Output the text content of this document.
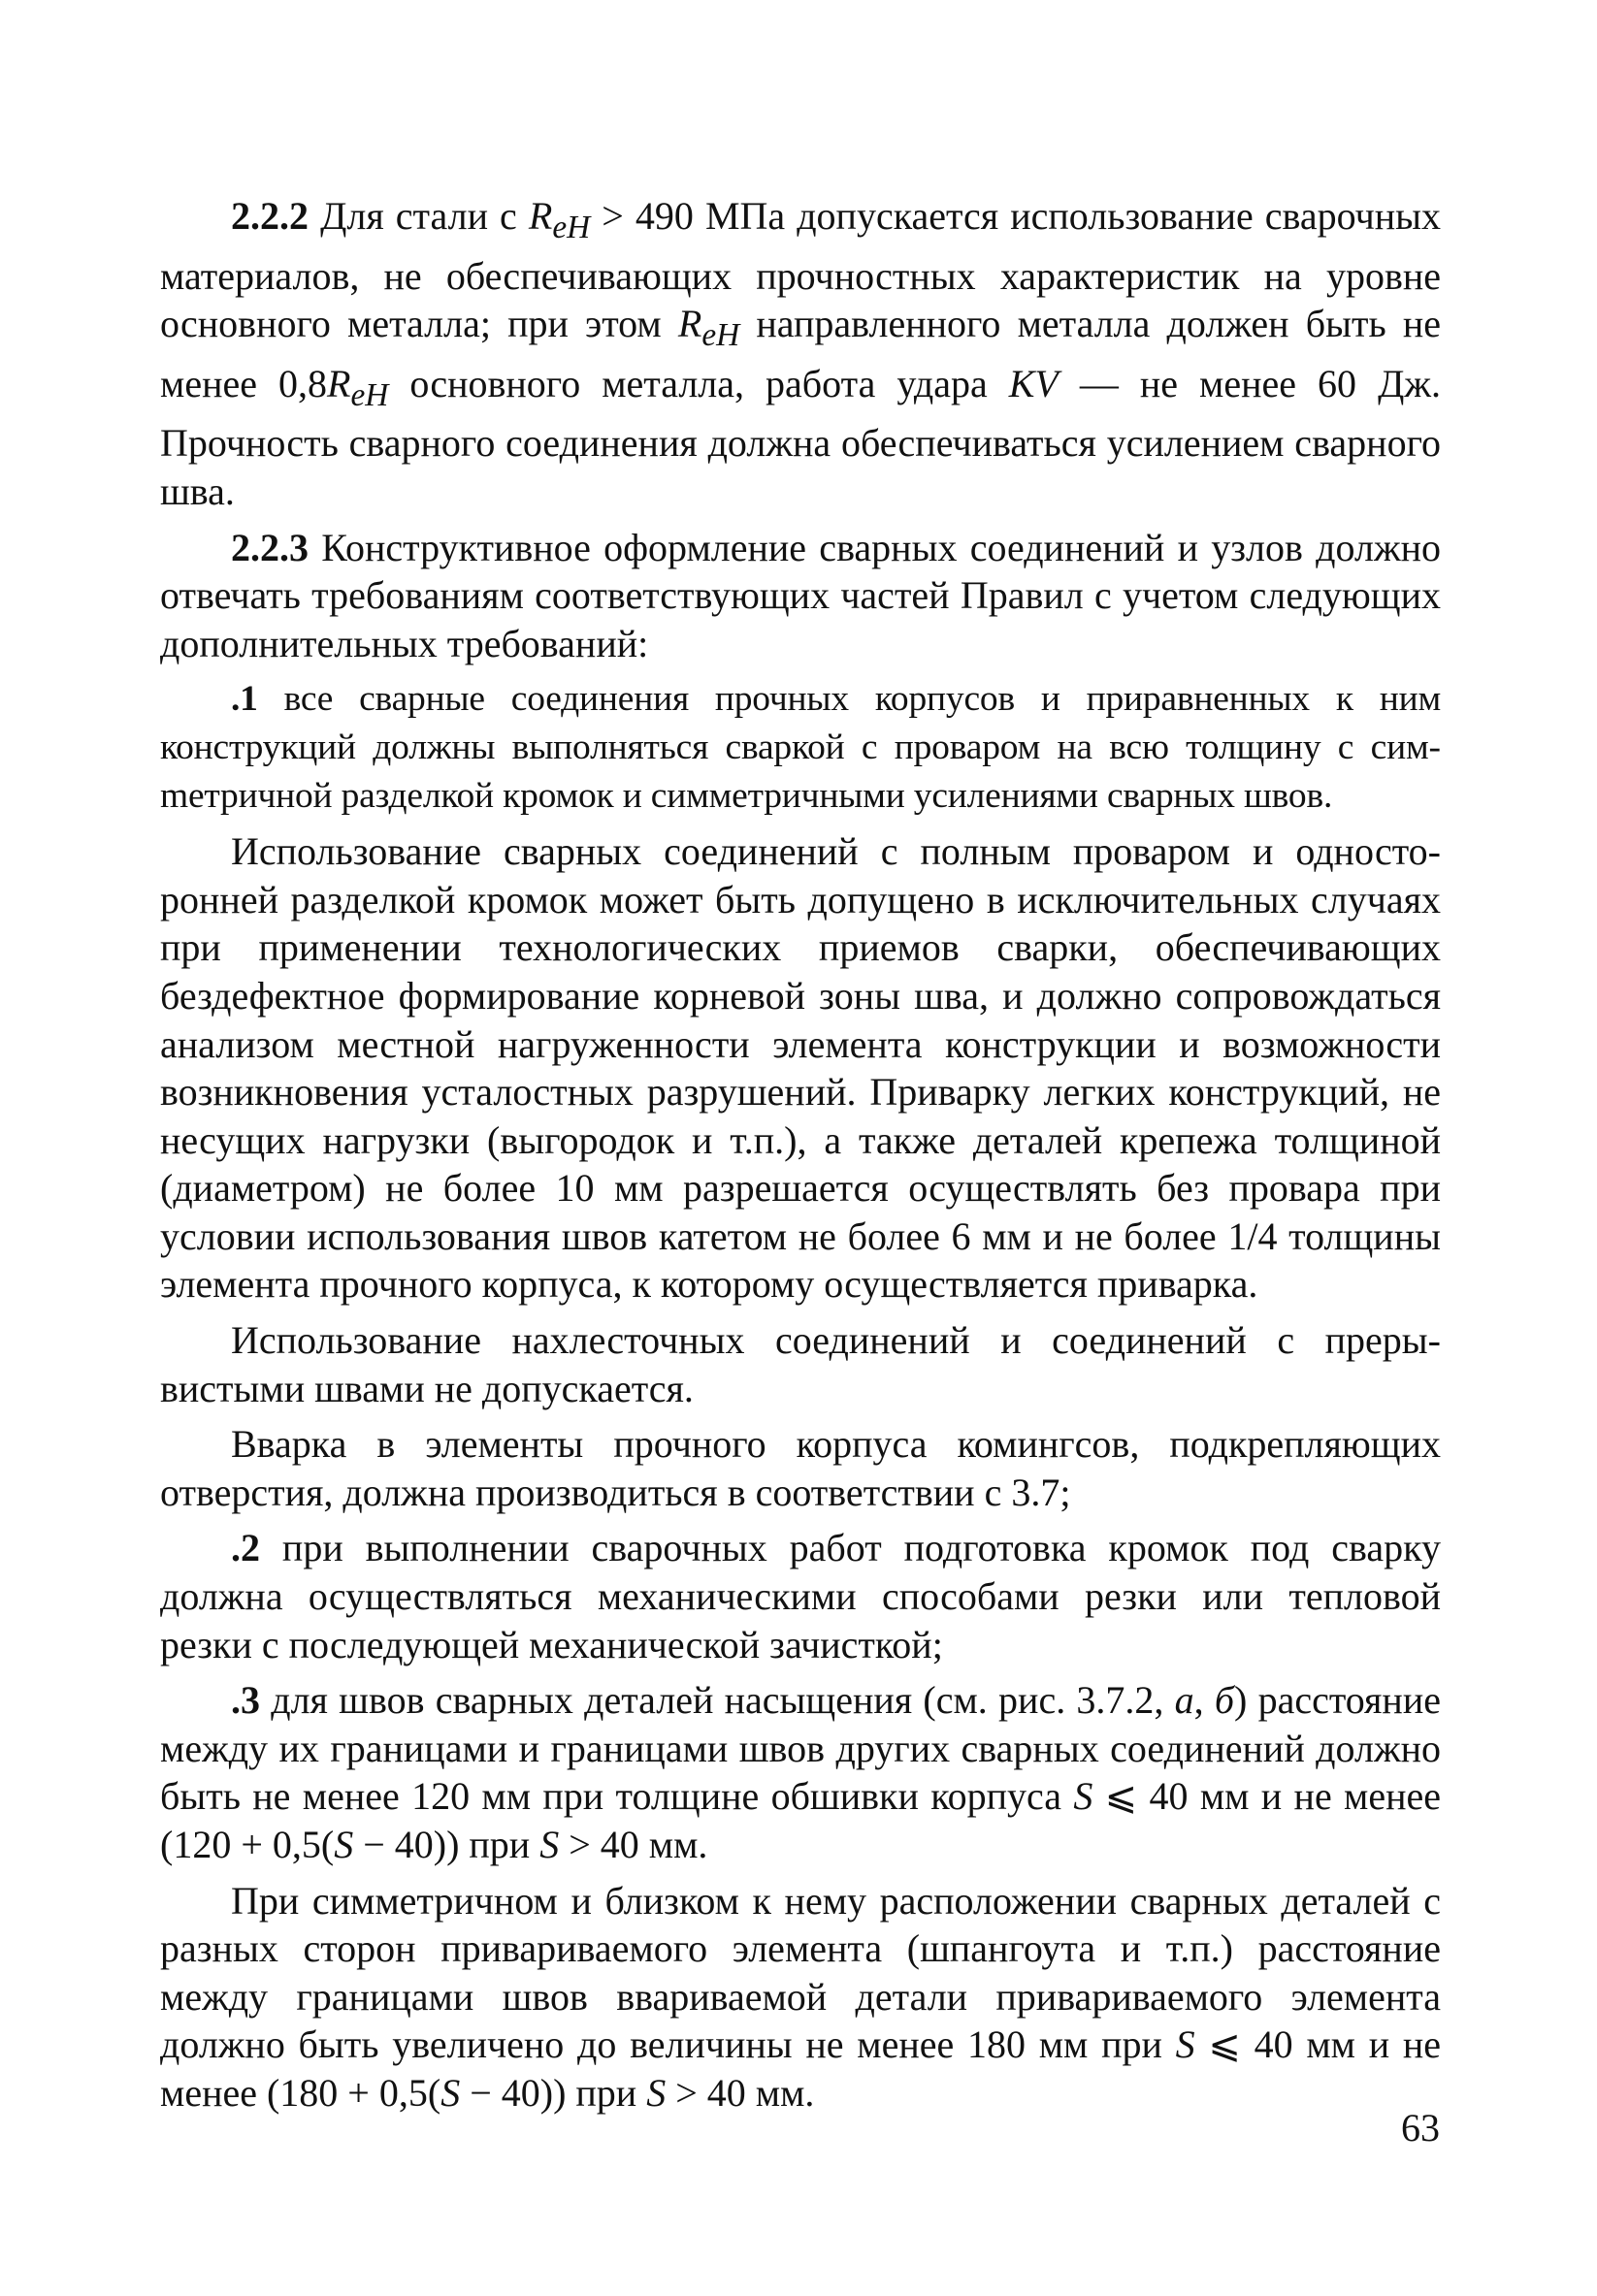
2.2.2 Для стали с $R_{eH} > 490$ МПа допускается использование сварочных материалов, не обеспечивающих прочностных характеристик на уровне основного металла; при этом $R_{eH}$ направленного металла должен быть не менее $0,8R_{eH}$ основного металла, работа удара KV — не менее 60 Дж. Прочность сварного соединения должна обеспечиваться усилением сварного шва.

2.2.3 Конструктивное оформление сварных соединений и узлов должно отвечать требованиям соответствующих частей Правил с учетом следующих дополнительных требований:

.1 все сварные соединения прочных корпусов и приравненных к ним конструкций должны выполняться сваркой с проваром на всю толщину с симmетричной разделкой кромок и симметричными усилениями сварных швов.

Использование сварных соединений с полным проваром и односторонней разделкой кромок может быть допущено в исключительных случаях при применении технологических приемов сварки, обеспечивающих бездефектное формирование корневой зоны шва, и должно сопровождаться анализом местной нагруженности элемента конструкции и возможности возникновения усталостных разрушений. Приварку легких конструкций, не несущих нагрузки (выгородок и т.п.), а также деталей крепежа толщиной (диаметром) не более 10 мм разрешается осуществлять без провара при условии использования швов катетом не более 6 мм и не более 1/4 толщины элемента прочного корпуса, к которому осуществляется приварка.

Использование нахлесточных соединений и соединений с прерывистыми швами не допускается.

Вварка в элементы прочного корпуса комингсов, подкрепляющих отверстия, должна производиться в соответствии с 3.7;

.2 при выполнении сварочных работ подготовка кромок под сварку должна осуществляться механическими способами резки или тепловой резки с последующей механической зачисткой;

.3 для швов сварных деталей насыщения (см. рис. 3.7.2, а, б) расстояние между их границами и границами швов других сварных соединений должно быть не менее 120 мм при толщине обшивки корпуса S ⩽ 40 мм и не менее (120 + 0,5(S − 40)) при S > 40 мм.

При симметричном и близком к нему расположении сварных деталей с разных сторон привариваемого элемента (шпангоута и т.п.) расстояние между границами швов ввариваемой детали привариваемого элемента должно быть увеличено до величины не менее 180 мм при S ⩽ 40 мм и не менее (180 + 0,5(S − 40)) при S > 40 мм.

63
